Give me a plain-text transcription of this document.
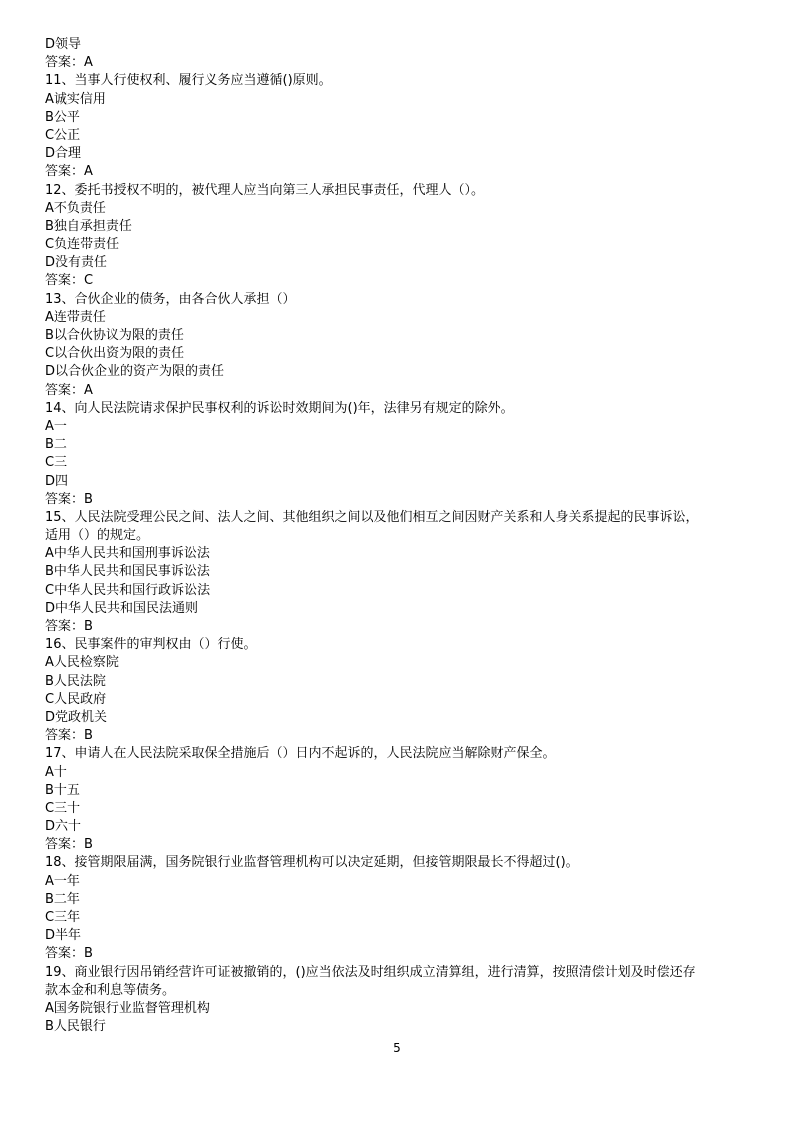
D领导
答案：A
11、当事人行使权利、履行义务应当遵循()原则。
A诚实信用
B公平
C公正
D合理
答案：A
12、委托书授权不明的，被代理人应当向第三人承担民事责任，代理人（）。
A不负责任
B独自承担责任
C负连带责任
D没有责任
答案：C
13、合伙企业的债务，由各合伙人承担（）
A连带责任
B以合伙协议为限的责任
C以合伙出资为限的责任
D以合伙企业的资产为限的责任
答案：A
14、向人民法院请求保护民事权利的诉讼时效期间为()年，法律另有规定的除外。
A一
B二
C三
D四
答案：B
15、人民法院受理公民之间、法人之间、其他组织之间以及他们相互之间因财产关系和人身关系提起的民事诉讼，
适用（）的规定。
A中华人民共和国刑事诉讼法
B中华人民共和国民事诉讼法
C中华人民共和国行政诉讼法
D中华人民共和国民法通则
答案：B
16、民事案件的审判权由（）行使。
A人民检察院
B人民法院
C人民政府
D党政机关
答案：B
17、申请人在人民法院采取保全措施后（）日内不起诉的，人民法院应当解除财产保全。
A十
B十五
C三十
D六十
答案：B
18、接管期限届满，国务院银行业监督管理机构可以决定延期，但接管期限最长不得超过()。
A一年
B二年
C三年
D半年
答案：B
19、商业银行因吊销经营许可证被撤销的，()应当依法及时组织成立清算组，进行清算，按照清偿计划及时偿还存
款本金和利息等债务。
A国务院银行业监督管理机构
B人民银行
5
